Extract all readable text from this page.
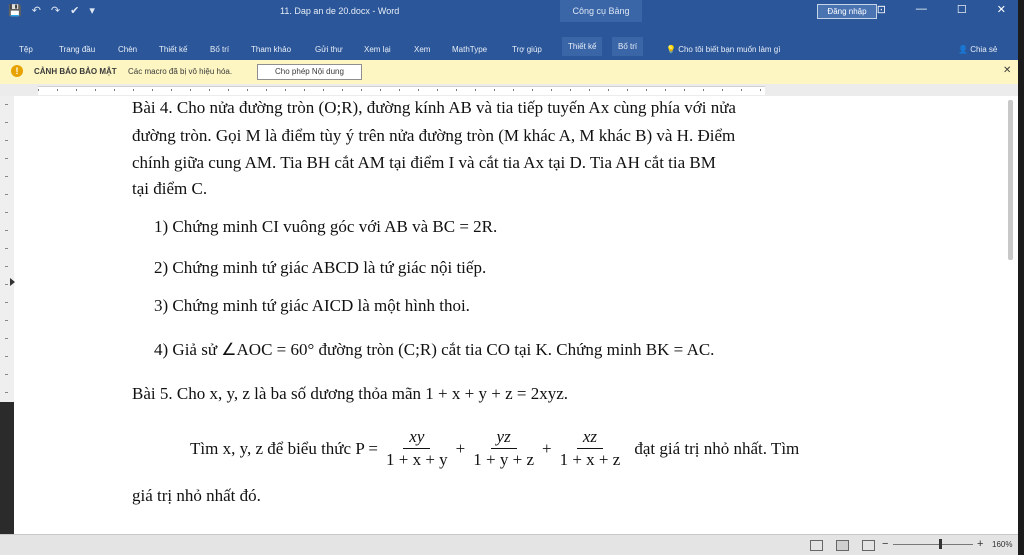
💾 ↶ ↷ ✔ ▾	11. Dap an de 20.docx - Word	Công cụ Bảng	Đăng nhập ⊡	—	☐	✕
Tệp	Trang đầu	Chèn	Thiết kế	Bố trí	Tham khảo	Gửi thư	Xem lại	Xem	MathType	Trợ giúp	Thiết kế	Bố trí	💡 Cho tôi biết bạn muốn làm gì	👤 Chia sẻ
!	CẢNH BÁO BẢO MẬT Các macro đã bị vô hiệu hóa.	Cho phép Nội dung	✕
Bài 4. Cho nửa đường tròn (O;R), đường kính AB và tia tiếp tuyến Ax cùng phía với nửa
đường tròn. Gọi M là điểm tùy ý trên nửa đường tròn (M khác A, M khác B) và H. Điểm
chính giữa cung AM. Tia BH cắt AM tại điểm I và cắt tia Ax tại D. Tia AH cắt tia BM
tại điểm C.
1) Chứng minh CI vuông góc với AB và BC = 2R.
2) Chứng minh tứ giác ABCD là tứ giác nội tiếp.
3) Chứng minh tứ giác AICD là một hình thoi.
4) Giả sử ∠AOC = 60° đường tròn (C;R) cắt tia CO tại K. Chứng minh BK = AC.
Bài 5. Cho x, y, z là ba số dương thỏa mãn 1 + x + y + z = 2xyz.
Tìm x, y, z để biểu thức $P = \frac{xy}{1 + x + y} + \frac{yz}{1 + y + z} + \frac{xz}{1 + x + z}$ đạt giá trị nhỏ nhất. Tìm
giá trị nhỏ nhất đó.
−	+ 160%
